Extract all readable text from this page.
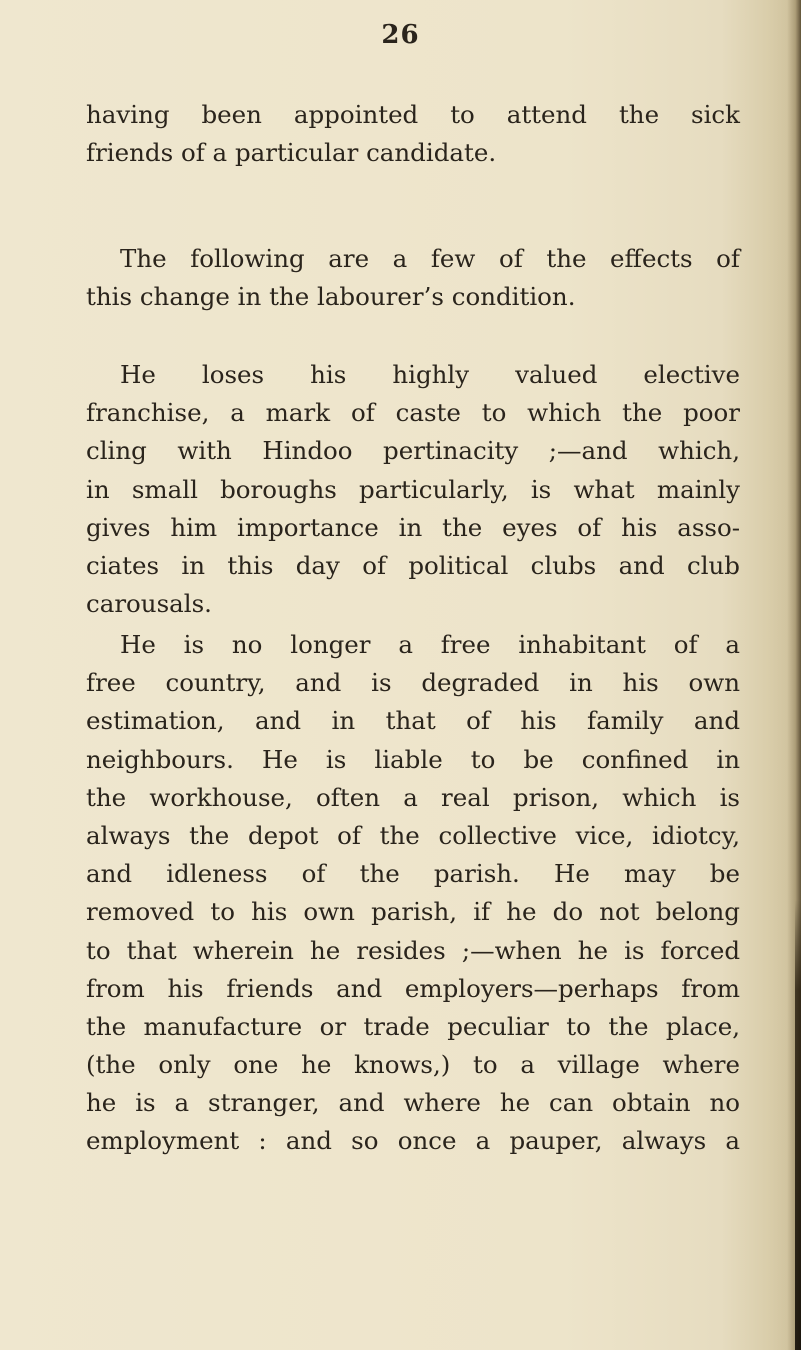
26
having been appointed to attend the sick
friends of a particular candidate.
The following are a few of the effects of
this change in the labourer’s condition.
He loses his highly valued elective
franchise, a mark of caste to which the poor
cling with Hindoo pertinacity ;—and which,
in small boroughs particularly, is what mainly
gives him importance in the eyes of his asso-
ciates in this day of political clubs and club
carousals.
He is no longer a free inhabitant of a
free country, and is degraded in his own
estimation, and in that of his family and
neighbours. He is liable to be confined in
the workhouse, often a real prison, which is
always the depot of the collective vice, idiotcy,
and idleness of the parish. He may be
removed to his own parish, if he do not belong
to that wherein he resides ;—when he is forced
from his friends and employers—perhaps from
the manufacture or trade peculiar to the place,
(the only one he knows,) to a village where
he is a stranger, and where he can obtain no
employment : and so once a pauper, always a
